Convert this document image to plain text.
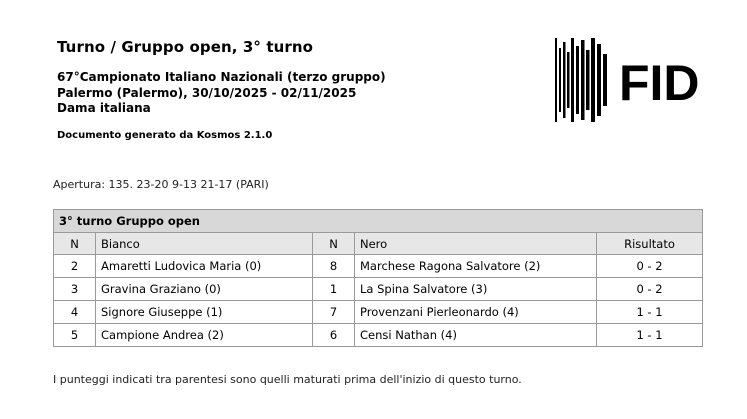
Turno / Gruppo open, 3° turno
67°Campionato Italiano Nazionali (terzo gruppo)
Palermo (Palermo), 30/10/2025 - 02/11/2025
Dama italiana
Documento generato da Kosmos 2.1.0
FID
Apertura: 135. 23-20 9-13 21-17 (PARI)
3° turno Gruppo open				
N	Bianco	N	Nero	Risultato
2	Amaretti Ludovica Maria (0)	8	Marchese Ragona Salvatore (2)	0 - 2
3	Gravina Graziano (0)	1	La Spina Salvatore (3)	0 - 2
4	Signore Giuseppe (1)	7	Provenzani Pierleonardo (4)	1 - 1
5	Campione Andrea (2)	6	Censi Nathan (4)	1 - 1
I punteggi indicati tra parentesi sono quelli maturati prima dell'inizio di questo turno.
